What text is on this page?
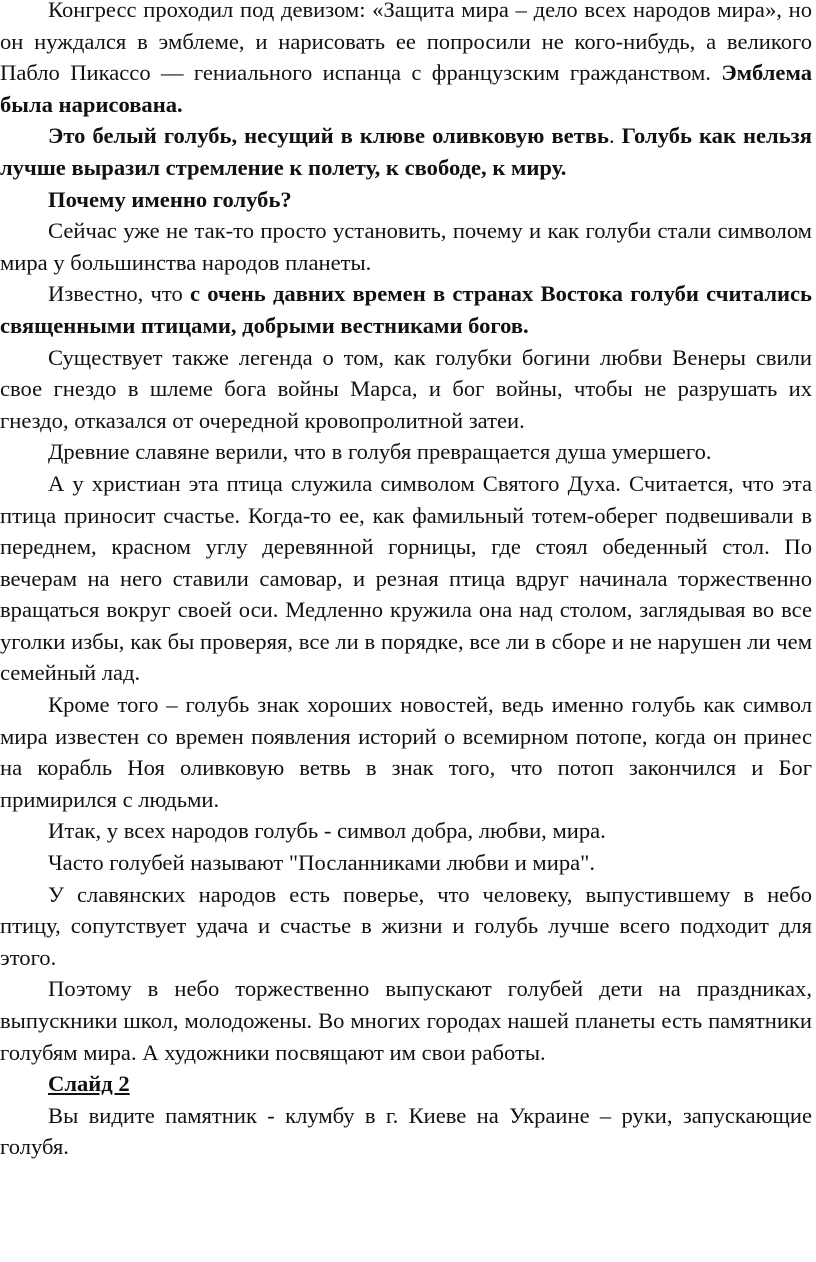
Конгресс проходил под девизом: «Защита мира – дело всех народов мира», но он нуждался в эмблеме, и нарисовать ее попросили не кого-нибудь, а великого Пабло Пикассо — гениального испанца с французским гражданством. Эмблема была нарисована.

Это белый голубь, несущий в клюве оливковую ветвь. Голубь как нельзя лучше выразил стремление к полету, к свободе, к миру.

Почему именно голубь?

Сейчас уже не так-то просто установить, почему и как голуби стали символом мира у большинства народов планеты.

Известно, что с очень давних времен в странах Востока голуби считались священными птицами, добрыми вестниками богов.

Существует также легенда о том, как голубки богини любви Венеры свили свое гнездо в шлеме бога войны Марса, и бог войны, чтобы не разрушать их гнездо, отказался от очередной кровопролитной затеи.

Древние славяне верили, что в голубя превращается душа умершего.

А у христиан эта птица служила символом Святого Духа. Считается, что эта птица приносит счастье. Когда-то ее, как фамильный тотем-оберег подвешивали в переднем, красном углу деревянной горницы, где стоял обеденный стол. По вечерам на него ставили самовар, и резная птица вдруг начинала торжественно вращаться вокруг своей оси. Медленно кружила она над столом, заглядывая во все уголки избы, как бы проверяя, все ли в порядке, все ли в сборе и не нарушен ли чем семейный лад.

Кроме того – голубь знак хороших новостей, ведь именно голубь как символ мира известен со времен появления историй о всемирном потопе, когда он принес на корабль Ноя оливковую ветвь в знак того, что потоп закончился и Бог примирился с людьми.

Итак, у всех народов голубь - символ добра, любви, мира.

Часто голубей называют "Посланниками любви и мира".

У славянских народов есть поверье, что человеку, выпустившему в небо птицу, сопутствует удача и счастье в жизни и голубь лучше всего подходит для этого.

Поэтому в небо торжественно выпускают голубей дети на праздниках, выпускники школ, молодожены. Во многих городах нашей планеты есть памятники голубям мира. А художники посвящают им свои работы.

Слайд 2

Вы видите памятник - клумбу в г. Киеве на Украине – руки, запускающие голубя.
